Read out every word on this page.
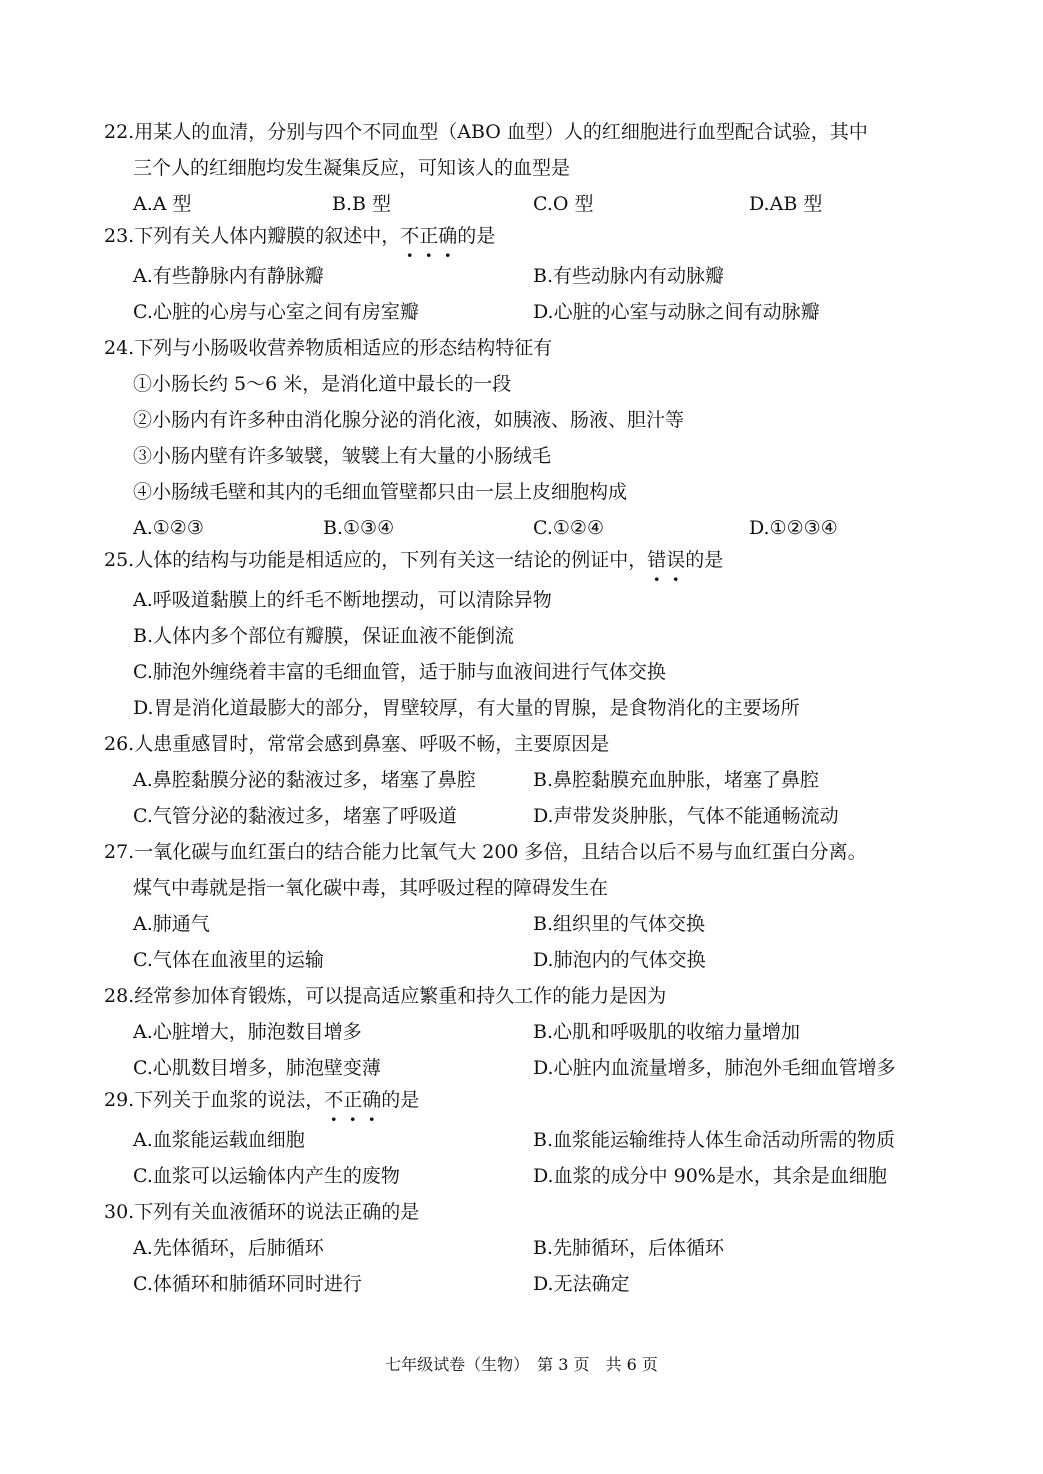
22.用某人的血清，分别与四个不同血型（ABO 血型）人的红细胞进行血型配合试验，其中
三个人的红细胞均发生凝集反应，可知该人的血型是
A.A 型	B.B 型	C.O 型	D.AB 型
23.下列有关人体内瓣膜的叙述中，不正确的是
A.有些静脉内有静脉瓣	B.有些动脉内有动脉瓣
C.心脏的心房与心室之间有房室瓣	D.心脏的心室与动脉之间有动脉瓣
24.下列与小肠吸收营养物质相适应的形态结构特征有
①小肠长约 5～6 米，是消化道中最长的一段
②小肠内有许多种由消化腺分泌的消化液，如胰液、肠液、胆汁等
③小肠内壁有许多皱襞，皱襞上有大量的小肠绒毛
④小肠绒毛壁和其内的毛细血管壁都只由一层上皮细胞构成
A.①②③	B.①③④	C.①②④	D.①②③④
25.人体的结构与功能是相适应的，下列有关这一结论的例证中，错误的是
A.呼吸道黏膜上的纤毛不断地摆动，可以清除异物
B.人体内多个部位有瓣膜，保证血液不能倒流
C.肺泡外缠绕着丰富的毛细血管，适于肺与血液间进行气体交换
D.胃是消化道最膨大的部分，胃壁较厚，有大量的胃腺，是食物消化的主要场所
26.人患重感冒时，常常会感到鼻塞、呼吸不畅，主要原因是
A.鼻腔黏膜分泌的黏液过多，堵塞了鼻腔	B.鼻腔黏膜充血肿胀，堵塞了鼻腔
C.气管分泌的黏液过多，堵塞了呼吸道	D.声带发炎肿胀，气体不能通畅流动
27.一氧化碳与血红蛋白的结合能力比氧气大 200 多倍，且结合以后不易与血红蛋白分离。
煤气中毒就是指一氧化碳中毒，其呼吸过程的障碍发生在
A.肺通气	B.组织里的气体交换
C.气体在血液里的运输	D.肺泡内的气体交换
28.经常参加体育锻炼，可以提高适应繁重和持久工作的能力是因为
A.心脏增大，肺泡数目增多	B.心肌和呼吸肌的收缩力量增加
C.心肌数目增多，肺泡壁变薄	D.心脏内血流量增多，肺泡外毛细血管增多
29.下列关于血浆的说法，不正确的是
A.血浆能运载血细胞	B.血浆能运输维持人体生命活动所需的物质
C.血浆可以运输体内产生的废物	D.血浆的成分中 90%是水，其余是血细胞
30.下列有关血液循环的说法正确的是
A.先体循环，后肺循环	B.先肺循环，后体循环
C.体循环和肺循环同时进行	D.无法确定
七年级试卷（生物）　第 3 页　共 6 页
